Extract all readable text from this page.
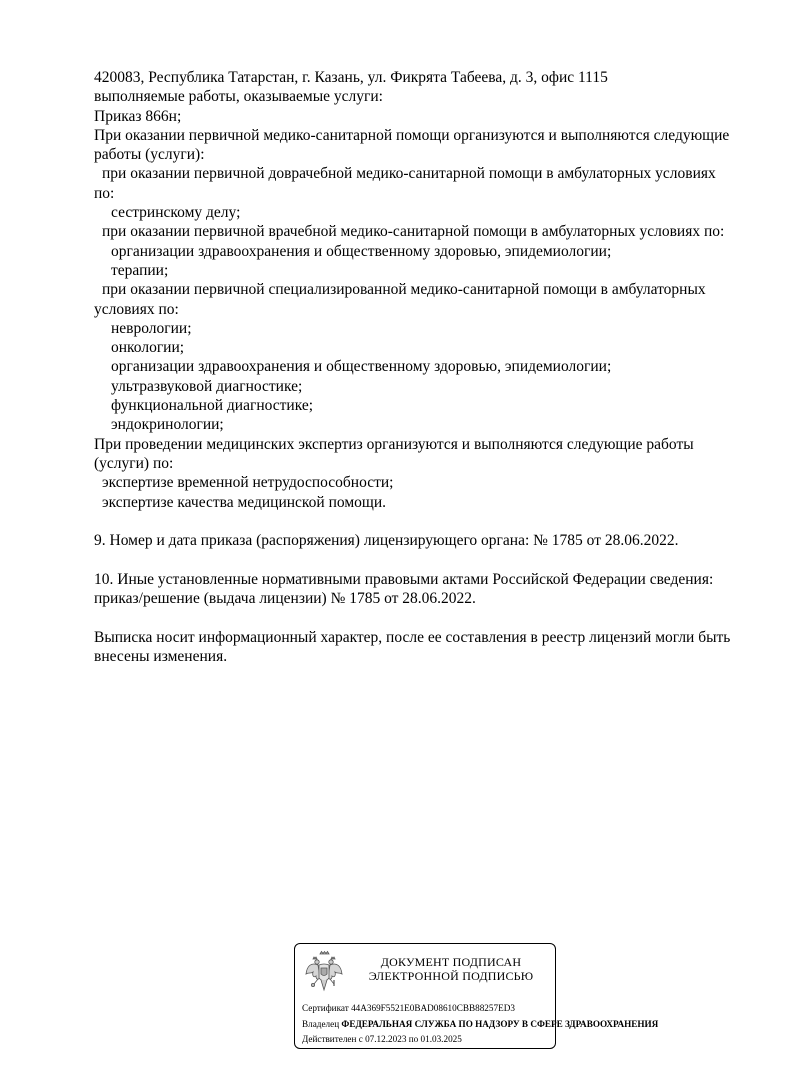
420083, Республика Татарстан, г. Казань, ул. Фикрята Табеева, д. 3, офис 1115
выполняемые работы, оказываемые услуги:
Приказ 866н;
При оказании первичной медико-санитарной помощи организуются и выполняются следующие
работы (услуги):
при оказании первичной доврачебной медико-санитарной помощи в амбулаторных условиях
по:
сестринскому делу;
при оказании первичной врачебной медико-санитарной помощи в амбулаторных условиях по:
организации здравоохранения и общественному здоровью, эпидемиологии;
терапии;
при оказании первичной специализированной медико-санитарной помощи в амбулаторных
условиях по:
неврологии;
онкологии;
организации здравоохранения и общественному здоровью, эпидемиологии;
ультразвуковой диагностике;
функциональной диагностике;
эндокринологии;
При проведении медицинских экспертиз организуются и выполняются следующие работы
(услуги) по:
экспертизе временной нетрудоспособности;
экспертизе качества медицинской помощи.
9. Номер и дата приказа (распоряжения) лицензирующего органа: № 1785 от 28.06.2022.
10. Иные установленные нормативными правовыми актами Российской Федерации сведения:
приказ/решение (выдача лицензии) № 1785 от 28.06.2022.
Выписка носит информационный характер, после ее составления в реестр лицензий могли быть
внесены изменения.
ДОКУМЕНТ ПОДПИСАН
ЭЛЕКТРОННОЙ ПОДПИСЬЮ
Сертификат 44A369F5521E0BAD08610CBB88257ED3
Владелец ФЕДЕРАЛЬНАЯ СЛУЖБА ПО НАДЗОРУ В СФЕРЕ ЗДРАВООХРАНЕНИЯ
Действителен с 07.12.2023 по 01.03.2025
